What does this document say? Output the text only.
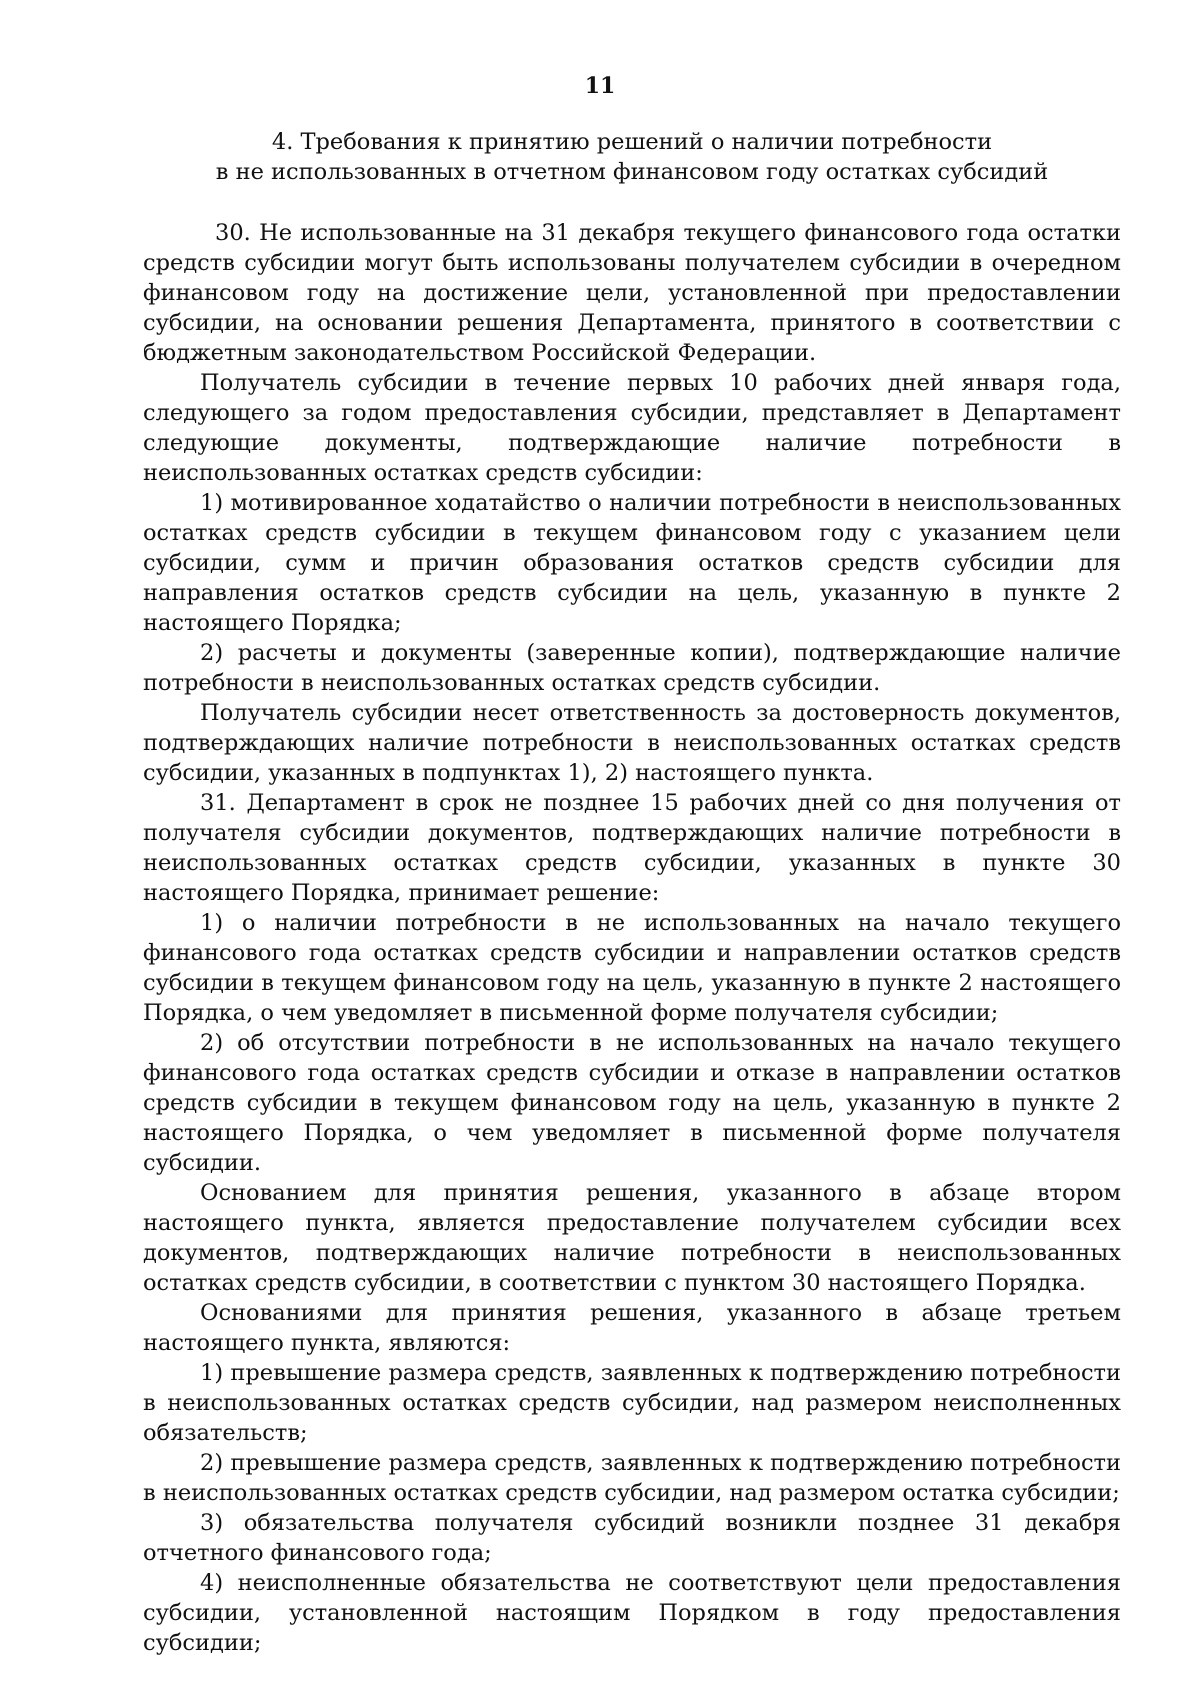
11
4. Требования к принятию решений о наличии потребности
в не использованных в отчетном финансовом году остатках субсидий

30. Не использованные на 31 декабря текущего финансового года остатки средств субсидии могут быть использованы получателем субсидии в очередном финансовом году на достижение цели, установленной при предоставлении субсидии, на основании решения Департамента, принятого в соответствии с бюджетным законодательством Российской Федерации.

Получатель субсидии в течение первых 10 рабочих дней января года, следующего за годом предоставления субсидии, представляет в Департамент следующие документы, подтверждающие наличие потребности в неиспользованных остатках средств субсидии:

1) мотивированное ходатайство о наличии потребности в неиспользованных остатках средств субсидии в текущем финансовом году с указанием цели субсидии, сумм и причин образования остатков средств субсидии для направления остатков средств субсидии на цель, указанную в пункте 2 настоящего Порядка;

2) расчеты и документы (заверенные копии), подтверждающие наличие потребности в неиспользованных остатках средств субсидии.

Получатель субсидии несет ответственность за достоверность документов, подтверждающих наличие потребности в неиспользованных остатках средств субсидии, указанных в подпунктах 1), 2) настоящего пункта.

31. Департамент в срок не позднее 15 рабочих дней со дня получения от получателя субсидии документов, подтверждающих наличие потребности в неиспользованных остатках средств субсидии, указанных в пункте 30 настоящего Порядка, принимает решение:

1) о наличии потребности в не использованных на начало текущего финансового года остатках средств субсидии и направлении остатков средств субсидии в текущем финансовом году на цель, указанную в пункте 2 настоящего Порядка, о чем уведомляет в письменной форме получателя субсидии;

2) об отсутствии потребности в не использованных на начало текущего финансового года остатках средств субсидии и отказе в направлении остатков средств субсидии в текущем финансовом году на цель, указанную в пункте 2 настоящего Порядка, о чем уведомляет в письменной форме получателя субсидии.

Основанием для принятия решения, указанного в абзаце втором настоящего пункта, является предоставление получателем субсидии всех документов, подтверждающих наличие потребности в неиспользованных остатках средств субсидии, в соответствии с пунктом 30 настоящего Порядка.

Основаниями для принятия решения, указанного в абзаце третьем настоящего пункта, являются:

1) превышение размера средств, заявленных к подтверждению потребности в неиспользованных остатках средств субсидии, над размером неисполненных обязательств;

2) превышение размера средств, заявленных к подтверждению потребности в неиспользованных остатках средств субсидии, над размером остатка субсидии;

3) обязательства получателя субсидий возникли позднее 31 декабря отчетного финансового года;

4) неисполненные обязательства не соответствуют цели предоставления субсидии, установленной настоящим Порядком в году предоставления субсидии;
